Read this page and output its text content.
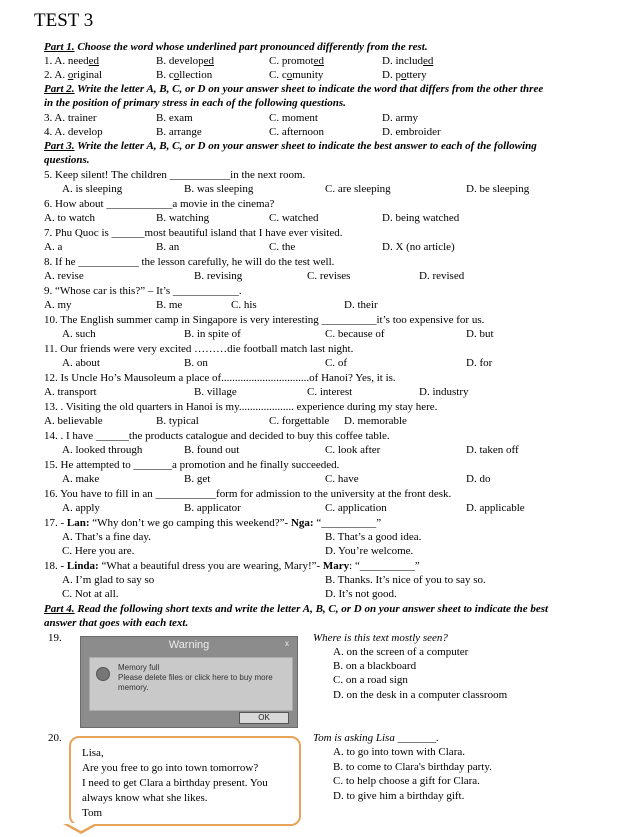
TEST 3
Part 1. Choose the word whose underlined part pronounced differently from the rest.
1. A. needed	B. developed	C. promoted	D. included
2. A. original	B. collection	C. comunity	D. pottery
Part 2. Write the letter A, B, C, or D on your answer sheet to indicate the word that differs from the other three
in the position of primary stress in each of the following questions.
3. A. trainer	B. exam	C. moment	D. army
4. A. develop	B. arrange	C. afternoon	D. embroider
Part 3. Write the letter A, B, C, or D on your answer sheet to indicate the best answer to each of the following
questions.
5. Keep silent! The children ___________in the next room.
A. is sleeping	B. was sleeping	C. are sleeping	D. be sleeping
6. How about ____________a movie in the cinema?
A. to watch	B. watching	C. watched	D. being watched
7. Phu Quoc is ______most beautiful island that I have ever visited.
A. a	B. an	C. the	D. X (no article)
8. If he ___________ the lesson carefully, he will do the test well.
A. revise	B. revising	C. revises	D. revised
9. “Whose car is this?” – It’s ____________.
A. my	B. me	C. his	D. their
10. The English summer camp in Singapore is very interesting __________it’s too expensive for us.
A. such	B. in spite of	C. because of	D. but
11. Our friends were very excited ………die football match last night.
A. about	B. on	C. of	D. for
12. Is Uncle Ho’s Mausoleum a place of................................of Hanoi? Yes, it is.
A. transport	B. village	C. interest	D. industry
13. . Visiting the old quarters in Hanoi is my.................... experience during my stay here.
A. believable	B. typical	C. forgettable D. memorable
14. . I have ______the products catalogue and decided to buy this coffee table.
A. looked through	B. found out	C. look after	D. taken off
15. He attempted to _______a promotion and he finally succeeded.
A. make	B. get	C. have	D. do
16. You have to fill in an ___________form for admission to the university at the front desk.
A. apply	B. applicator	C. application	D. applicable
17. - Lan: “Why don’t we go camping this weekend?”- Nga: “__________”
A. That’s a fine day.	B. That’s a good idea.
C. Here you are.	D. You’re welcome.
18. - Linda: “What a beautiful dress you are wearing, Mary!”- Mary: “__________”
A. I’m glad to say so	B. Thanks. It’s nice of you to say so.
C. Not at all.	D. It’s not good.
Part 4. Read the following short texts and write the letter A, B, C, or D on your answer sheet to indicate the best
answer that goes with each text.
19.
Warning	x
Memory full
Please delete files or click here to buy more memory.
OK
Where is this text mostly seen?
A. on the screen of a computer
B. on a blackboard
C. on a road sign
D. on the desk in a computer classroom
20.
Lisa,
Are you free to go into town tomorrow?
I need to get Clara a birthday present. You
always know what she likes.
Tom
Tom is asking Lisa _______.
A. to go into town with Clara.
B. to come to Clara's birthday party.
C. to help choose a gift for Clara.
D. to give him a birthday gift.
